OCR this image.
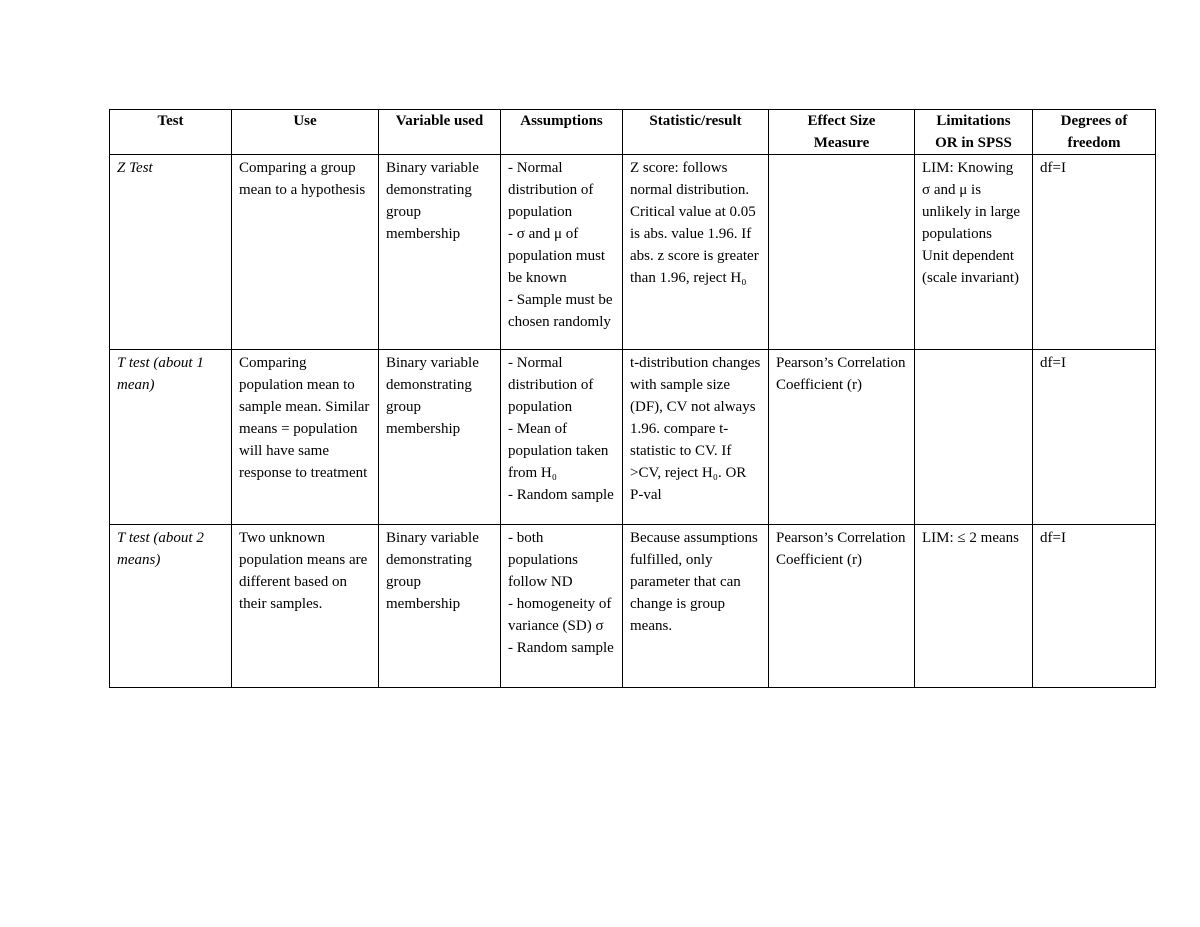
Test	Use	Variable used	Assumptions	Statistic/result	Effect Size Measure	Limitations OR in SPSS	Degrees of freedom
Z Test	Comparing a group mean to a hypothesis	Binary variable demonstrating group membership	- Normal distribution of population
- σ and μ of population must be known
- Sample must be chosen randomly	Z score: follows normal distribution. Critical value at 0.05 is abs. value 1.96. If abs. z score is greater than 1.96, reject H₀		LIM: Knowing σ and μ is unlikely in large populations
Unit dependent (scale invariant)	df=I
T test (about 1 mean)	Comparing population mean to sample mean. Similar means = population will have same response to treatment	Binary variable demonstrating group membership	- Normal distribution of population
- Mean of population taken from H₀
- Random sample	t-distribution changes with sample size (DF), CV not always 1.96. compare t-statistic to CV. If >CV, reject H₀. OR P-val	Pearson’s Correlation Coefficient (r)		df=I
T test (about 2 means)	Two unknown population means are different based on their samples.	Binary variable demonstrating group membership	- both populations follow ND
- homogeneity of variance (SD) σ
- Random sample	Because assumptions fulfilled, only parameter that can change is group means.	Pearson’s Correlation Coefficient (r)	LIM: ≤ 2 means	df=I
